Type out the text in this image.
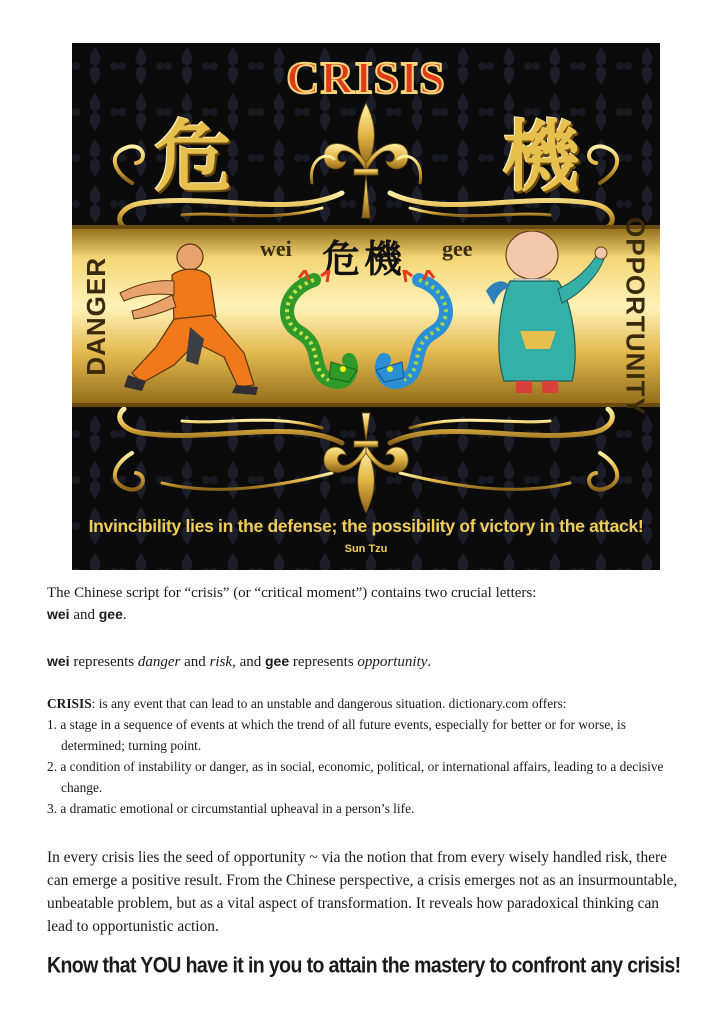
CRISIS
危	機
DANGER	OPPORTUNITY
wei 危機 gee
Invincibility lies in the defense; the possibility of victory in the attack!
Sun Tzu
The Chinese script for “crisis” (or “critical moment”) contains two crucial letters:
wei and gee.
wei represents danger and risk, and gee represents opportunity.
CRISIS: is any event that can lead to an unstable and dangerous situation. dictionary.com offers:
1. a stage in a sequence of events at which the trend of all future events, especially for better or for worse, is determined; turning point.
2. a condition of instability or danger, as in social, economic, political, or international affairs, leading to a decisive change.
3. a dramatic emotional or circumstantial upheaval in a person’s life.
In every crisis lies the seed of opportunity ~ via the notion that from every wisely handled risk, there can emerge a positive result. From the Chinese perspective, a crisis emerges not as an insurmountable, unbeatable problem, but as a vital aspect of transformation. It reveals how paradoxical thinking can lead to opportunistic action.
Know that YOU have it in you to attain the mastery to confront any crisis!
